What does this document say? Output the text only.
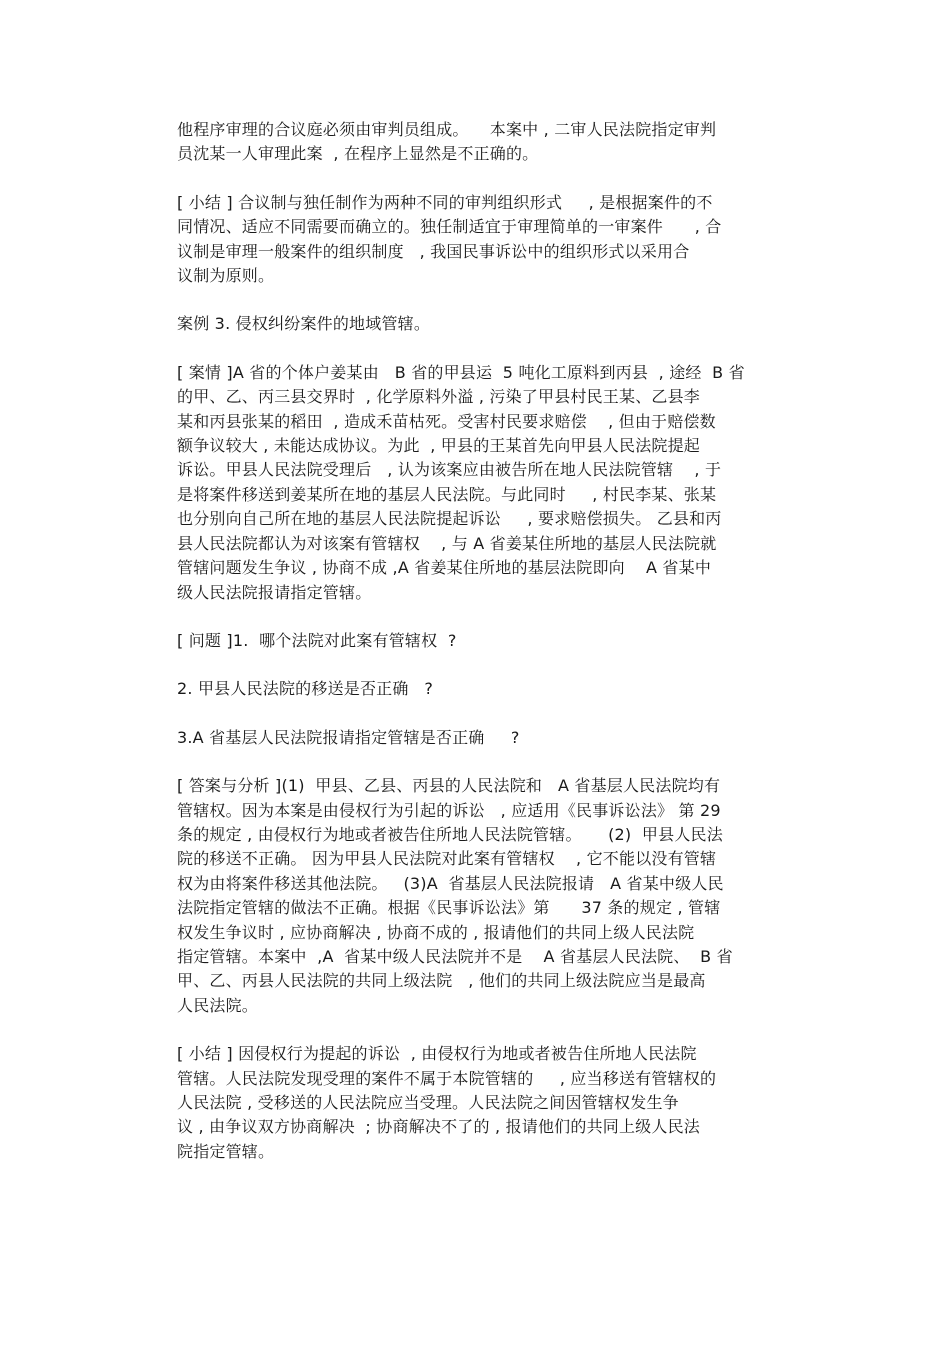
他程序审理的合议庭必须由审判员组成。    本案中 , 二审人民法院指定审判
员沈某一人审理此案  , 在程序上显然是不正确的。
[ 小结 ] 合议制与独任制作为两种不同的审判组织形式     , 是根据案件的不
同情况、适应不同需要而确立的。独任制适宜于审理简单的一审案件      , 合
议制是审理一般案件的组织制度   , 我国民事诉讼中的组织形式以采用合
议制为原则。
案例 3. 侵权纠纷案件的地域管辖。
[ 案情 ]A 省的个体户姜某由   B 省的甲县运  5 吨化工原料到丙县  , 途经  B 省
的甲、乙、丙三县交界时  , 化学原料外溢 , 污染了甲县村民王某、乙县李
某和丙县张某的稻田  , 造成禾苗枯死。受害村民要求赔偿    , 但由于赔偿数
额争议较大 , 未能达成协议。为此  , 甲县的王某首先向甲县人民法院提起
诉讼。甲县人民法院受理后   , 认为该案应由被告所在地人民法院管辖    , 于
是将案件移送到姜某所在地的基层人民法院。与此同时     , 村民李某、张某
也分别向自己所在地的基层人民法院提起诉讼     , 要求赔偿损失。 乙县和丙
县人民法院都认为对该案有管辖权    , 与 A 省姜某住所地的基层人民法院就
管辖问题发生争议 , 协商不成 ,A 省姜某住所地的基层法院即向    A 省某中
级人民法院报请指定管辖。
[ 问题 ]1.  哪个法院对此案有管辖权  ?
2. 甲县人民法院的移送是否正确   ?
3.A 省基层人民法院报请指定管辖是否正确     ?
[ 答案与分析 ](1)  甲县、乙县、丙县的人民法院和   A 省基层人民法院均有
管辖权。因为本案是由侵权行为引起的诉讼   , 应适用《民事诉讼法》 第 29
条的规定 , 由侵权行为地或者被告住所地人民法院管辖。     (2)  甲县人民法
院的移送不正确。 因为甲县人民法院对此案有管辖权    , 它不能以没有管辖
权为由将案件移送其他法院。   (3)A  省基层人民法院报请   A 省某中级人民
法院指定管辖的做法不正确。根据《民事诉讼法》第      37 条的规定 , 管辖
权发生争议时 , 应协商解决 , 协商不成的 , 报请他们的共同上级人民法院
指定管辖。本案中  ,A  省某中级人民法院并不是    A 省基层人民法院、  B 省
甲、乙、丙县人民法院的共同上级法院   , 他们的共同上级法院应当是最高
人民法院。
[ 小结 ] 因侵权行为提起的诉讼  , 由侵权行为地或者被告住所地人民法院
管辖。人民法院发现受理的案件不属于本院管辖的     , 应当移送有管辖权的
人民法院 , 受移送的人民法院应当受理。人民法院之间因管辖权发生争
议 , 由争议双方协商解决  ; 协商解决不了的 , 报请他们的共同上级人民法
院指定管辖。
